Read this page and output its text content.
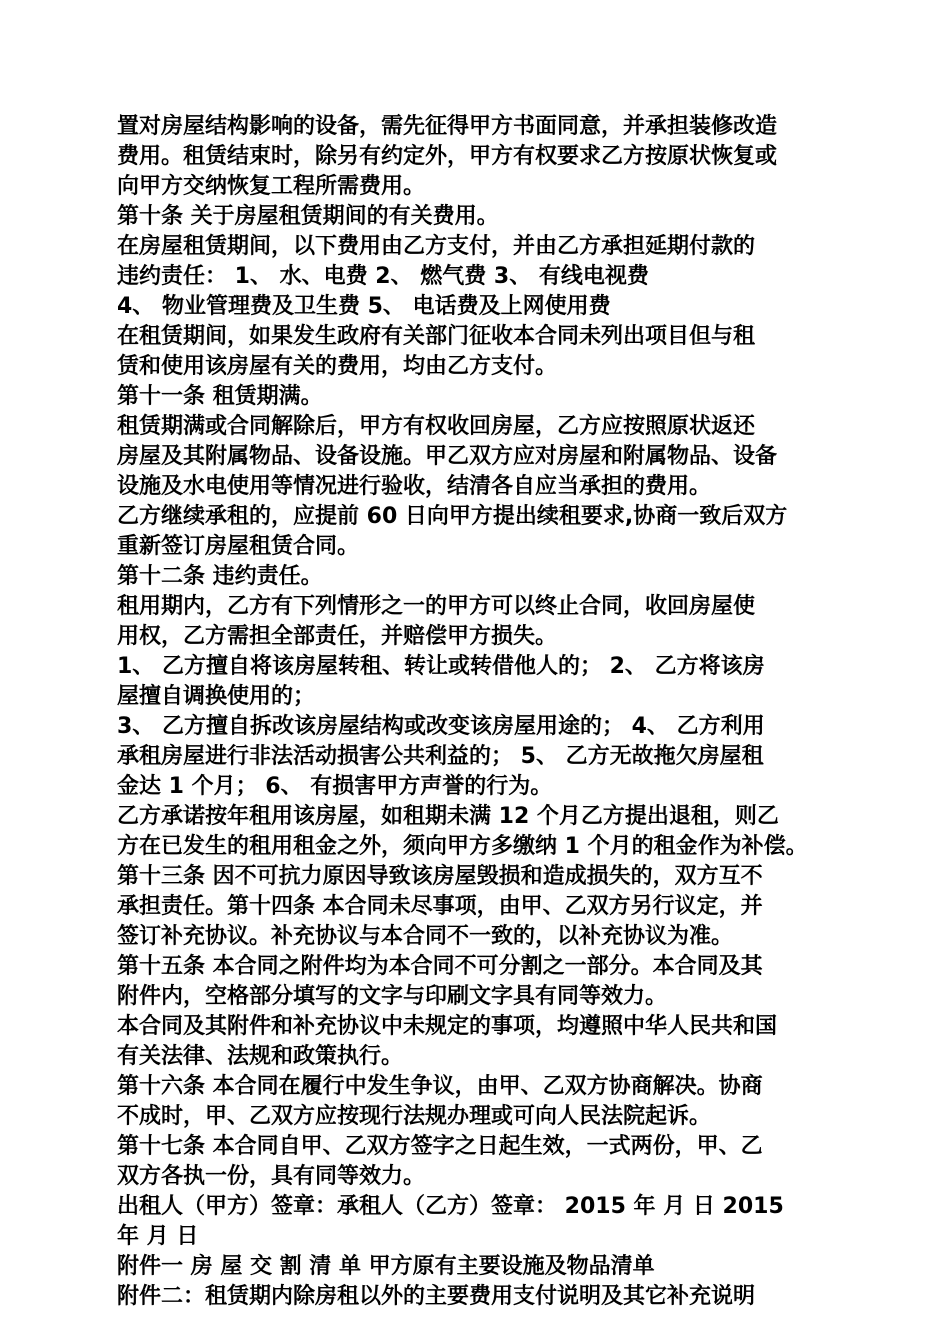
置对房屋结构影响的设备，需先征得甲方书面同意，并承担装修改造
费用。租赁结束时，除另有约定外，甲方有权要求乙方按原状恢复或
向甲方交纳恢复工程所需费用。
第十条 关于房屋租赁期间的有关费用。
在房屋租赁期间，以下费用由乙方支付，并由乙方承担延期付款的
违约责任： 1、 水、电费 2、 燃气费 3、 有线电视费
4、 物业管理费及卫生费 5、 电话费及上网使用费
在租赁期间，如果发生政府有关部门征收本合同未列出项目但与租
赁和使用该房屋有关的费用，均由乙方支付。
第十一条 租赁期满。
租赁期满或合同解除后，甲方有权收回房屋，乙方应按照原状返还
房屋及其附属物品、设备设施。甲乙双方应对房屋和附属物品、设备
设施及水电使用等情况进行验收，结清各自应当承担的费用。
乙方继续承租的，应提前 60 日向甲方提出续租要求,协商一致后双方
重新签订房屋租赁合同。
第十二条 违约责任。
租用期内，乙方有下列情形之一的甲方可以终止合同，收回房屋使
用权，乙方需担全部责任，并赔偿甲方损失。
1、 乙方擅自将该房屋转租、转让或转借他人的； 2、 乙方将该房
屋擅自调换使用的；
3、 乙方擅自拆改该房屋结构或改变该房屋用途的； 4、 乙方利用
承租房屋进行非法活动损害公共利益的； 5、 乙方无故拖欠房屋租
金达 1 个月； 6、 有损害甲方声誉的行为。
乙方承诺按年租用该房屋，如租期未满 12 个月乙方提出退租，则乙
方在已发生的租用租金之外，须向甲方多缴纳 1 个月的租金作为补偿。
第十三条 因不可抗力原因导致该房屋毁损和造成损失的，双方互不
承担责任。第十四条 本合同未尽事项，由甲、乙双方另行议定，并
签订补充协议。补充协议与本合同不一致的，以补充协议为准。
第十五条 本合同之附件均为本合同不可分割之一部分。本合同及其
附件内，空格部分填写的文字与印刷文字具有同等效力。
本合同及其附件和补充协议中未规定的事项，均遵照中华人民共和国
有关法律、法规和政策执行。
第十六条 本合同在履行中发生争议，由甲、乙双方协商解决。协商
不成时，甲、乙双方应按现行法规办理或可向人民法院起诉。
第十七条 本合同自甲、乙双方签字之日起生效，一式两份，甲、乙
双方各执一份，具有同等效力。
出租人（甲方）签章：承租人（乙方）签章： 2015 年 月 日 2015
年 月 日
附件一 房 屋 交 割 清 单 甲方原有主要设施及物品清单
附件二：租赁期内除房租以外的主要费用支付说明及其它补充说明
